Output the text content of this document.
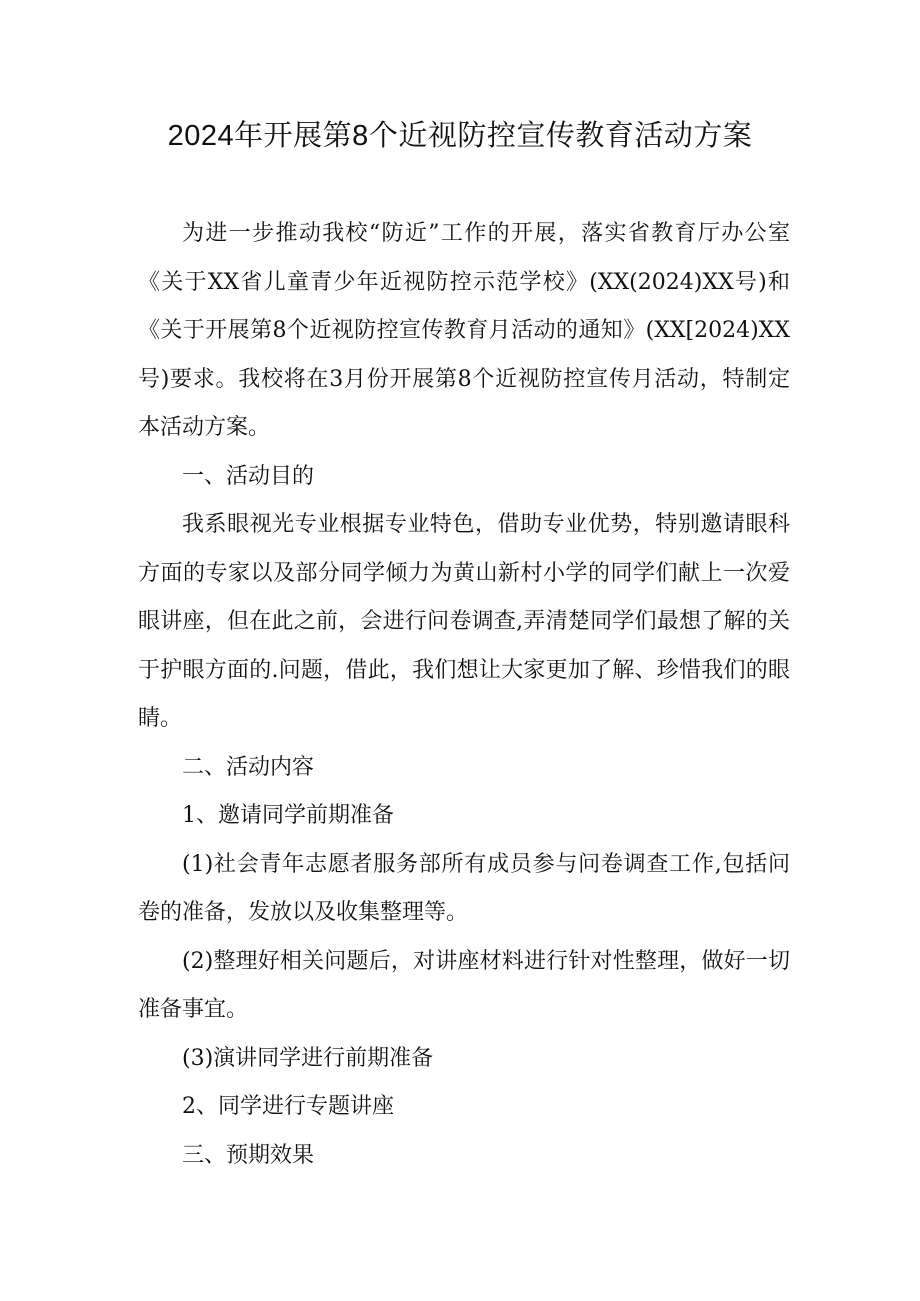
2024年开展第8个近视防控宣传教育活动方案

为进一步推动我校“防近”工作的开展，落实省教育厅办公室《关于XX省儿童青少年近视防控示范学校》(XX(2024)XX号)和《关于开展第8个近视防控宣传教育月活动的通知》(XX[2024)XX号)要求。我校将在3月份开展第8个近视防控宣传月活动，特制定本活动方案。

一、活动目的

我系眼视光专业根据专业特色，借助专业优势，特别邀请眼科方面的专家以及部分同学倾力为黄山新村小学的同学们献上一次爱眼讲座，但在此之前，会进行问卷调查,弄清楚同学们最想了解的关于护眼方面的.问题，借此，我们想让大家更加了解、珍惜我们的眼睛。

二、活动内容

1、邀请同学前期准备

(1)社会青年志愿者服务部所有成员参与问卷调查工作,包括问卷的准备，发放以及收集整理等。

(2)整理好相关问题后，对讲座材料进行针对性整理，做好一切准备事宜。

(3)演讲同学进行前期准备

2、同学进行专题讲座

三、预期效果
